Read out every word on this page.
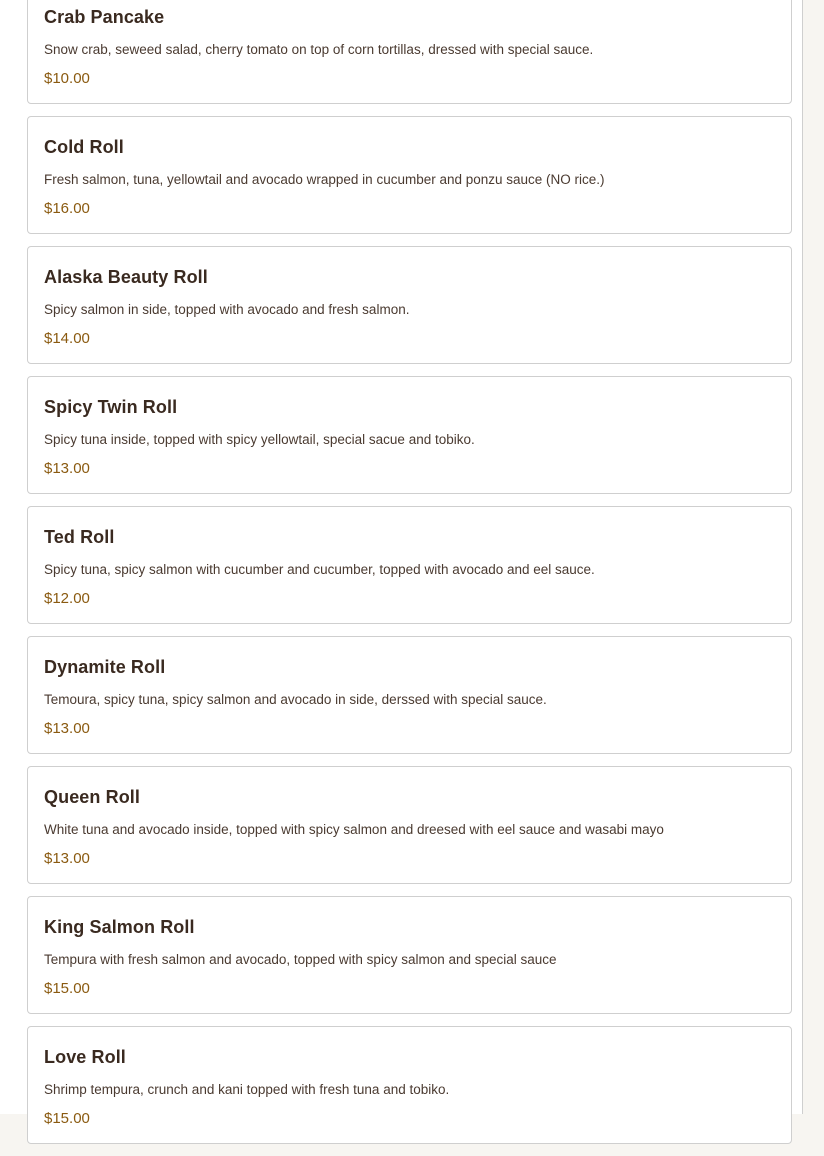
Crab Pancake
Snow crab, seweed salad, cherry tomato on top of corn tortillas, dressed with special sauce.
$10.00
Cold Roll
Fresh salmon, tuna, yellowtail and avocado wrapped in cucumber and ponzu sauce (NO rice.)
$16.00
Alaska Beauty Roll
Spicy salmon in side, topped with avocado and fresh salmon.
$14.00
Spicy Twin Roll
Spicy tuna inside, topped with spicy yellowtail, special sacue and tobiko.
$13.00
Ted Roll
Spicy tuna, spicy salmon with cucumber and cucumber, topped with avocado and eel sauce.
$12.00
Dynamite Roll
Temoura, spicy tuna, spicy salmon and avocado in side, derssed with special sauce.
$13.00
Queen Roll
White tuna and avocado inside, topped with spicy salmon and dreesed with eel sauce and wasabi mayo
$13.00
King Salmon Roll
Tempura with fresh salmon and avocado, topped with spicy salmon and special sauce
$15.00
Love Roll
Shrimp tempura, crunch and kani topped with fresh tuna and tobiko.
$15.00
